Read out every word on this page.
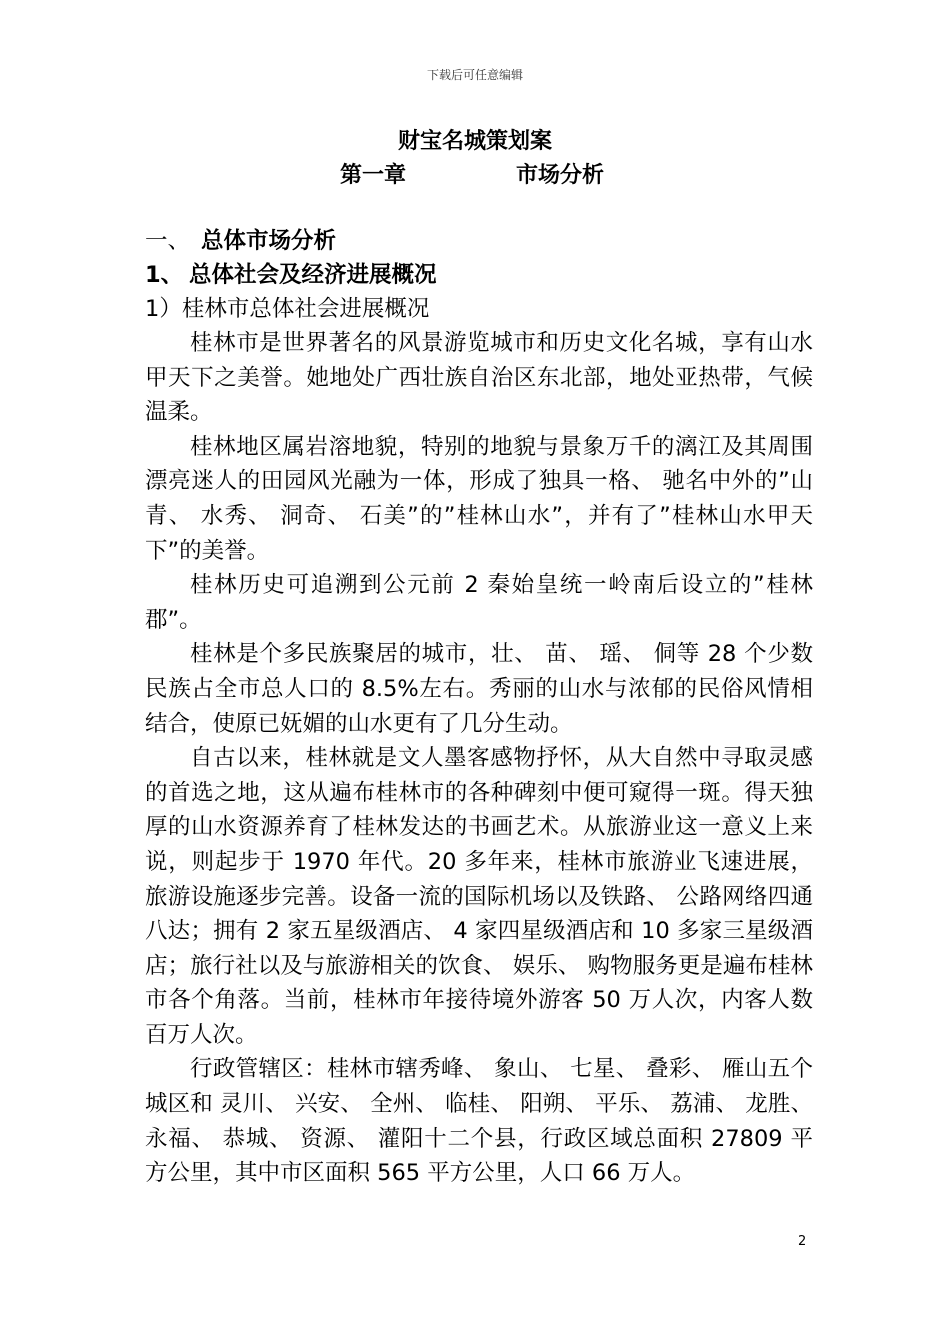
下载后可任意编辑
财宝名城策划案
第一章	市场分析
一、 总体市场分析
1、 总体社会及经济进展概况
1）桂林市总体社会进展概况

桂林市是世界著名的风景游览城市和历史文化名城，享有山水甲天下之美誉。她地处广西壮族自治区东北部，地处亚热带，气候温柔。

桂林地区属岩溶地貌，特别的地貌与景象万千的漓江及其周围漂亮迷人的田园风光融为一体，形成了独具一格、 驰名中外的”山青、 水秀、 洞奇、 石美”的”桂林山水”，并有了”桂林山水甲天下”的美誉。

桂林历史可追溯到公元前 2 秦始皇统一岭南后设立的”桂林郡”。

桂林是个多民族聚居的城市，壮、 苗、 瑶、 侗等 28 个少数民族占全市总人口的 8.5%左右。秀丽的山水与浓郁的民俗风情相结合，使原已妩媚的山水更有了几分生动。

自古以来，桂林就是文人墨客感物抒怀，从大自然中寻取灵感的首选之地，这从遍布桂林市的各种碑刻中便可窥得一斑。得天独厚的山水资源养育了桂林发达的书画艺术。从旅游业这一意义上来说，则起步于 1970 年代。20 多年来，桂林市旅游业飞速进展，旅游设施逐步完善。设备一流的国际机场以及铁路、 公路网络四通八达；拥有 2 家五星级酒店、 4 家四星级酒店和 10 多家三星级酒店；旅行社以及与旅游相关的饮食、 娱乐、 购物服务更是遍布桂林市各个角落。当前，桂林市年接待境外游客 50 万人次，内客人数百万人次。

行政管辖区：桂林市辖秀峰、 象山、 七星、 叠彩、 雁山五个城区和 灵川、 兴安、 全州、 临桂、 阳朔、 平乐、 荔浦、 龙胜、 永福、 恭城、 资源、 灌阳十二个县，行政区域总面积 27809 平方公里，其中市区面积 565 平方公里，人口 66 万人。

2
